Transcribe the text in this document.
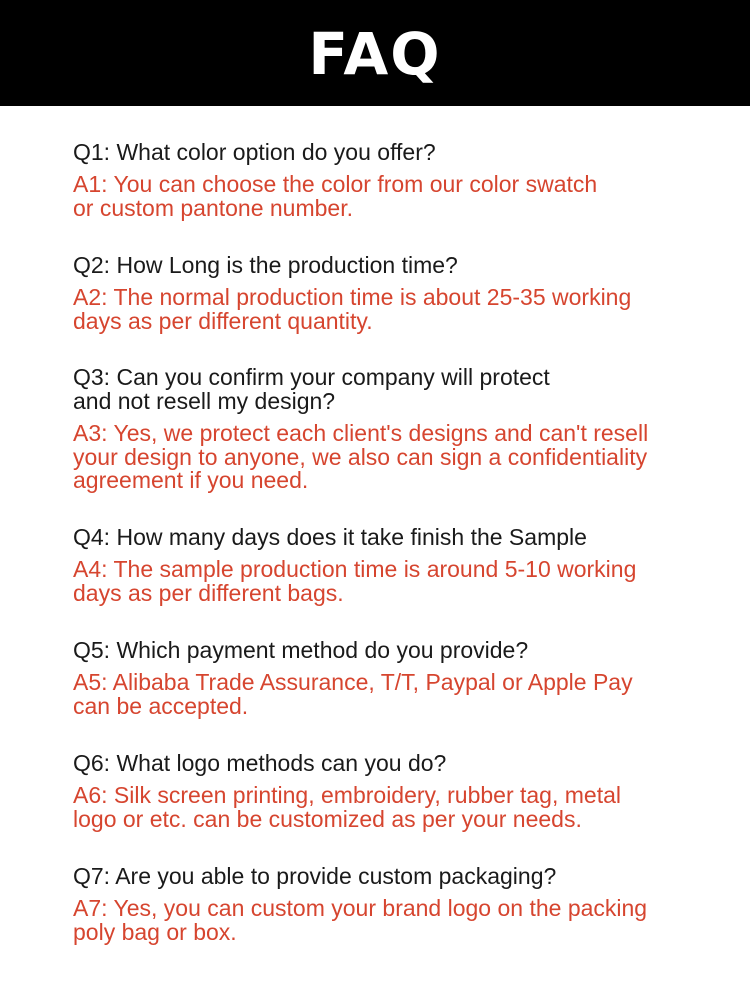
FAQ

Q1: What color option do you offer?

A1: You can choose the color from our color swatch
or custom pantone number.

Q2: How Long is the production time?

A2: The normal production time is about 25-35 working
days as per different quantity.

Q3: Can you confirm your company will protect
and not resell my design?

A3: Yes, we protect each client's designs and can't resell
your design to anyone, we also can sign a confidentiality
agreement if you need.

Q4: How many days does it take finish the Sample

A4: The sample production time is around 5-10 working
days as per different bags.

Q5: Which payment method do you provide?

A5: Alibaba Trade Assurance, T/T, Paypal or Apple Pay
can be accepted.

Q6: What logo methods can you do?

A6: Silk screen printing, embroidery, rubber tag, metal
logo or etc. can be customized as per your needs.

Q7: Are you able to provide custom packaging?

A7: Yes, you can custom your brand logo on the packing
poly bag or box.
